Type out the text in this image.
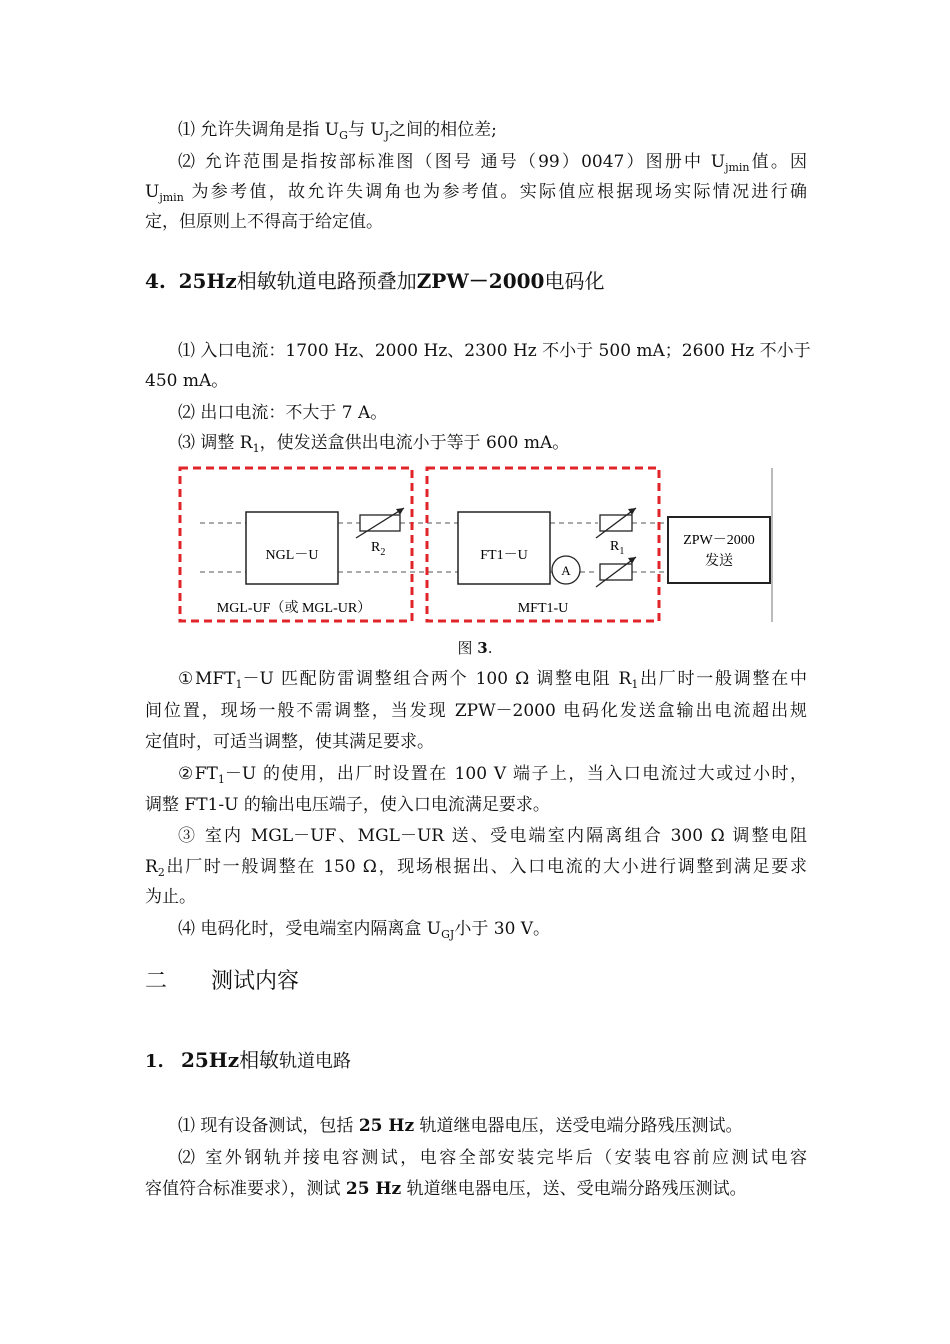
⑴ 允许失调角是指 $U_G$与 $U_J$之间的相位差;
⑵ 允许范围是指按部标准图（图号 通号（99）0047）图册中 $U_{jmin}$值。因
$U_{jmin}$ 为参考值，故允许失调角也为参考值。实际值应根据现场实际情况进行确
定，但原则上不得高于给定值。
4. 25Hz相敏轨道电路预叠加ZPW－2000电码化
⑴ 入口电流：1700 Hz、2000 Hz、2300 Hz 不小于 500 mA；2600 Hz 不小于
450 mA。
⑵ 出口电流：不大于 7 A。
⑶ 调整 $R_1$，使发送盒供出电流小于等于 600 mA。
NGL－U
$R_2$	FT1－U
A
$R_1$
ZPW－2000
发送
MGL-UF（或 MGL-UR）	MFT1-U
图 3.
$①MFT_1-U$ 匹配防雷调整组合两个 100 Ω 调整电阻 $R_1$出厂时一般调整在中
间位置，现场一般不需调整，当发现 ZPW－2000 电码化发送盒输出电流超出规
定值时，可适当调整，使其满足要求。
$②FT_1-U$ 的使用，出厂时设置在 100 V 端子上，当入口电流过大或过小时，
调整 FT1-U 的输出电压端子，使入口电流满足要求。
③ 室内 MGL－UF、MGL－UR 送、受电端室内隔离组合 300 Ω 调整电阻
$R_2$出厂时一般调整在 150 Ω，现场根据出、入口电流的大小进行调整到满足要求
为止。
⑷ 电码化时，受电端室内隔离盒 $U_{GJ}$小于 30 V。
二 测试内容
1. 25Hz相敏轨道电路
⑴ 现有设备测试，包括 25 Hz 轨道继电器电压，送受电端分路残压测试。
⑵ 室外钢轨并接电容测试，电容全部安装完毕后（安装电容前应测试电容
容值符合标准要求），测试 25 Hz 轨道继电器电压，送、受电端分路残压测试。
